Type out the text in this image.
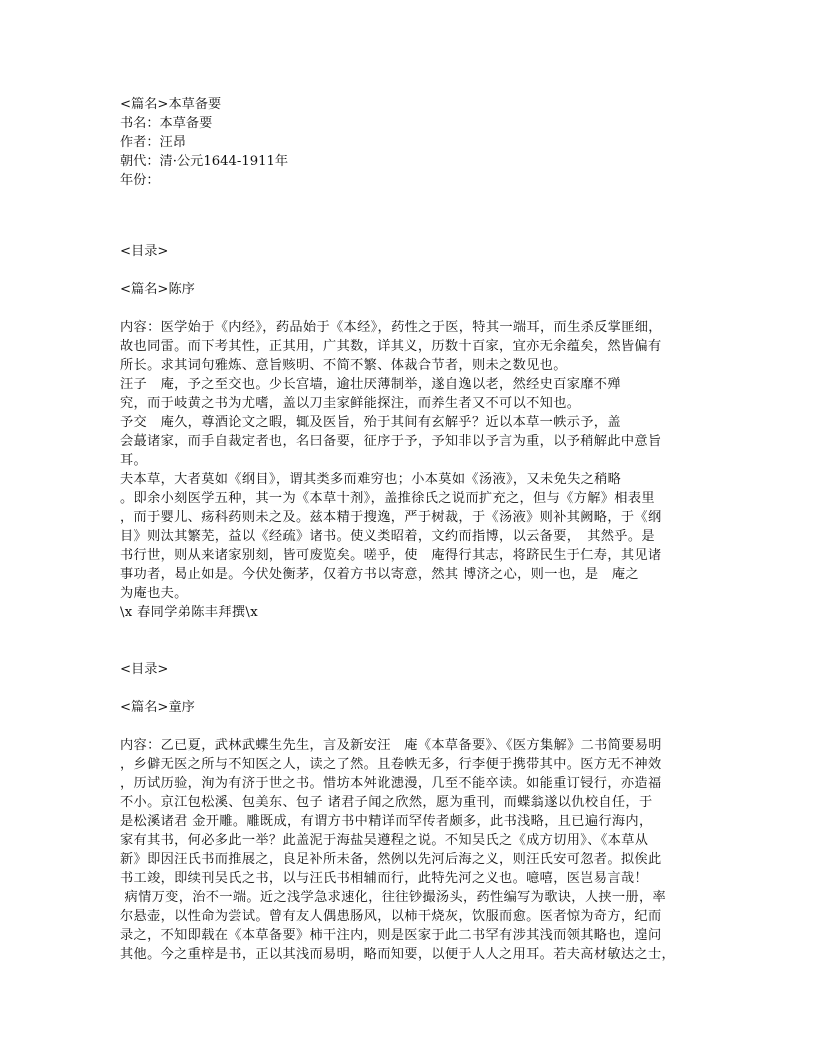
<篇名>本草备要
书名：本草备要
作者：汪昂
朝代：清·公元1644-1911年
年份：
<目录>
<篇名>陈序
内容：医学始于《内经》，药品始于《本经》，药性之于医，特其一端耳，而生杀反掌匪细，
故也同雷。而下考其性，正其用，广其数，详其义，历数十百家，宜亦无余蕴矣，然皆偏有
所长。求其词句雅炼、意旨赅明、不简不繁、体裁合节者，则未之数见也。
汪子　庵，予之至交也。少长宫墙，逾壮厌薄制举，遂自逸以老，然经史百家靡不殚
究，而于岐黄之书为尤嗜，盖以刀圭家鲜能探注，而养生者又不可以不知也。
予交　庵久，尊酒论文之暇，辄及医旨，殆于其间有玄解乎？近以本草一帙示予，盖
会蕞诸家，而手自裁定者也，名曰备要，征序于予，予知非以予言为重，以予稍解此中意旨
耳。
夫本草，大者莫如《纲目》，谓其类多而难穷也；小本莫如《汤液》，又未免失之稍略
。即余小刻医学五种，其一为《本草十剂》，盖推徐氏之说而扩充之，但与《方解》相表里
，而于婴儿、疡科药则未之及。兹本精于搜逸，严于树裁，于《汤液》则补其阙略，于《纲
目》则汰其繁芜，益以《经疏》诸书。使义类昭着，文约而指博，以云备要，　其然乎。是
书行世，则从来诸家别刻，皆可废览矣。嗟乎，使　庵得行其志，将跻民生于仁寿，其见诸
事功者，曷止如是。今伏处衡茅，仅着方书以寄意，然其 博济之心，则一也，是　庵之
为庵也夫。
\x 春同学弟陈丰拜撰\x
<目录>
<篇名>童序
内容：乙已夏，武林武蝶生先生，言及新安汪　庵《本草备要》、《医方集解》二书简要易明
，乡僻无医之所与不知医之人，读之了然。且卷帙无多，行李便于携带其中。医方无不神效
，历试历验，洵为有济于世之书。惜坊本舛讹漶漫，几至不能卒读。如能重订锓行，亦造福
不小。京江包松溪、包美东、包子 诸君子闻之欣然，愿为重刊，而蝶翁遂以仇校自任，于
是松溪诸君 金开雕。雕既成，有谓方书中精详而罕传者颇多，此书浅略，且已遍行海内，
家有其书，何必多此一举？此盖泥于海盐吴遵程之说。不知吴氏之《成方切用》、《本草从
新》即因汪氏书而推展之，良足补所未备，然例以先河后海之义，则汪氏安可忽者。拟俟此
书工竣，即续刊吴氏之书，以与汪氏书相辅而行，此特先河之义也。噫嘻，医岂易言哉！
病情万变，治不一端。近之浅学急求速化，往往钞撮汤头，药性编写为歌诀，人挟一册，率
尔悬壶，以性命为尝试。曾有友人偶患肠风，以柿干烧灰，饮服而愈。医者惊为奇方，纪而
录之，不知即载在《本草备要》柿干注内，则是医家于此二书罕有涉其浅而领其略也，遑问
其他。今之重梓是书，正以其浅而易明，略而知要，以便于人人之用耳。若夫高材敏达之士，
